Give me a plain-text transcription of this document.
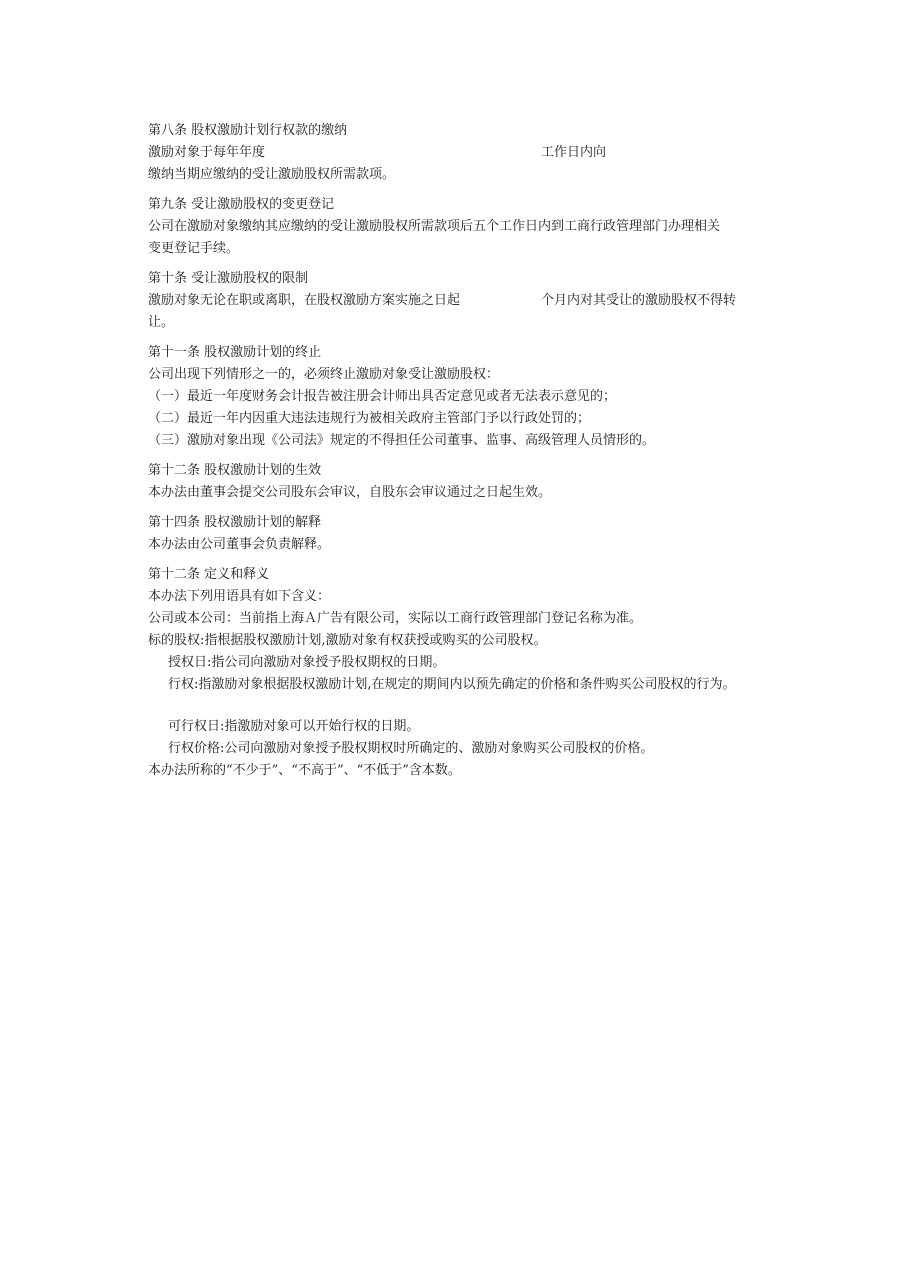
第八条 股权激励计划行权款的缴纳
激励对象于每年年度	工作日内向
缴纳当期应缴纳的受让激励股权所需款项。
第九条 受让激励股权的变更登记
公司在激励对象缴纳其应缴纳的受让激励股权所需款项后五个工作日内到工商行政管理部门办理相关
变更登记手续。
第十条 受让激励股权的限制
激励对象无论在职或离职，在股权激励方案实施之日起	个月内对其受让的激励股权不得转
让。
第十一条 股权激励计划的终止
公司出现下列情形之一的，必须终止激励对象受让激励股权：
（一）最近一年度财务会计报告被注册会计师出具否定意见或者无法表示意见的；
（二）最近一年内因重大违法违规行为被相关政府主管部门予以行政处罚的；
（三）激励对象出现《公司法》规定的不得担任公司董事、监事、高级管理人员情形的。
第十二条 股权激励计划的生效
本办法由董事会提交公司股东会审议，自股东会审议通过之日起生效。
第十四条 股权激励计划的解释
本办法由公司董事会负责解释。
第十二条 定义和释义
本办法下列用语具有如下含义：
公司或本公司：当前指上海Ａ广告有限公司，实际以工商行政管理部门登记名称为准。
标的股权:指根据股权激励计划,激励对象有权获授或购买的公司股权。
授权日:指公司向激励对象授予股权期权的日期。
行权:指激励对象根据股权激励计划,在规定的期间内以预先确定的价格和条件购买公司股权的行为。
可行权日:指激励对象可以开始行权的日期。
行权价格:公司向激励对象授予股权期权时所确定的、激励对象购买公司股权的价格。
本办法所称的“不少于”、“不高于”、“不低于”含本数。
